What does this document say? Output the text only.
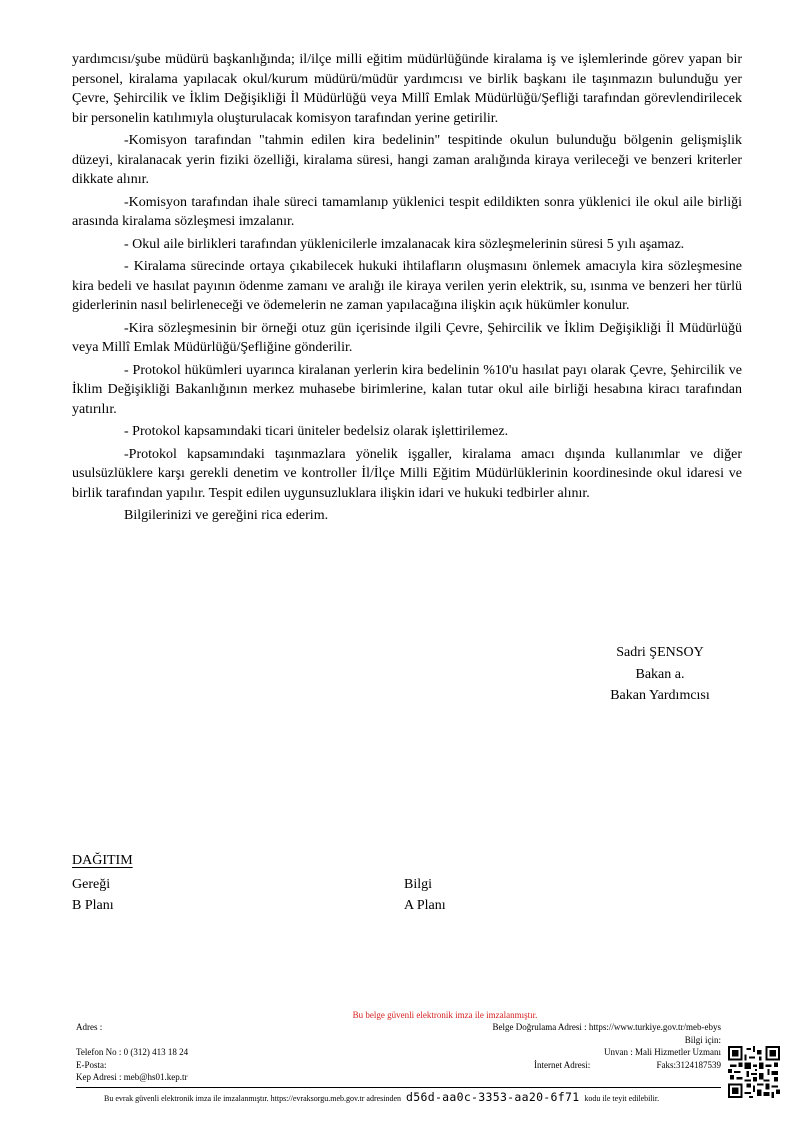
yardımcısı/şube müdürü başkanlığında; il/ilçe milli eğitim müdürlüğünde kiralama iş ve işlemlerinde görev yapan bir personel, kiralama yapılacak okul/kurum müdürü/müdür yardımcısı ve birlik başkanı ile taşınmazın bulunduğu yer Çevre, Şehircilik ve İklim Değişikliği İl Müdürlüğü veya Millî Emlak Müdürlüğü/Şefliği tarafından görevlendirilecek bir personelin katılımıyla oluşturulacak komisyon tarafından yerine getirilir.

-Komisyon tarafından "tahmin edilen kira bedelinin" tespitinde okulun bulunduğu bölgenin gelişmişlik düzeyi, kiralanacak yerin fiziki özelliği, kiralama süresi, hangi zaman aralığında kiraya verileceği ve benzeri kriterler dikkate alınır.

-Komisyon tarafından ihale süreci tamamlanıp yüklenici tespit edildikten sonra yüklenici ile okul aile birliği arasında kiralama sözleşmesi imzalanır.

- Okul aile birlikleri tarafından yüklenicilerle imzalanacak kira sözleşmelerinin süresi 5 yılı aşamaz.

- Kiralama sürecinde ortaya çıkabilecek hukuki ihtilafların oluşmasını önlemek amacıyla kira sözleşmesine kira bedeli ve hasılat payının ödenme zamanı ve aralığı ile kiraya verilen yerin elektrik, su, ısınma ve benzeri her türlü giderlerinin nasıl belirleneceği ve ödemelerin ne zaman yapılacağına ilişkin açık hükümler konulur.

-Kira sözleşmesinin bir örneği otuz gün içerisinde ilgili Çevre, Şehircilik ve İklim Değişikliği İl Müdürlüğü veya Millî Emlak Müdürlüğü/Şefliğine gönderilir.

- Protokol hükümleri uyarınca kiralanan yerlerin kira bedelinin %10'u hasılat payı olarak Çevre, Şehircilik ve İklim Değişikliği Bakanlığının merkez muhasebe birimlerine, kalan tutar okul aile birliği hesabına kiracı tarafından yatırılır.

- Protokol kapsamındaki ticari üniteler bedelsiz olarak işlettirilemez.

-Protokol kapsamındaki taşınmazlara yönelik işgaller, kiralama amacı dışında kullanımlar ve diğer usulsüzlüklere karşı gerekli denetim ve kontroller İl/İlçe Milli Eğitim Müdürlüklerinin koordinesinde okul idaresi ve birlik tarafından yapılır. Tespit edilen uygunsuzluklara ilişkin idari ve hukuki tedbirler alınır.

Bilgilerinizi ve gereğini rica ederim.

Sadri ŞENSOY
Bakan a.
Bakan Yardımcısı
DAĞITIM
Gereği
B Planı
Bilgi
A Planı
Bu belge güvenli elektronik imza ile imzalanmıştır.
Adres :	Belge Doğrulama Adresi : https://www.turkiye.gov.tr/meb-ebys
Bilgi için:
Telefon No : 0 (312) 413 18 24	Unvan : Mali Hizmetler Uzmanı
E-Posta:	İnternet Adresi:	Faks:3124187539
Kep Adresi : meb@hs01.kep.tr
Bu evrak güvenli elektronik imza ile imzalanmıştır. https://evraksorgu.meb.gov.tr adresinden d56d-aa0c-3353-aa20-6f71 kodu ile teyit edilebilir.
